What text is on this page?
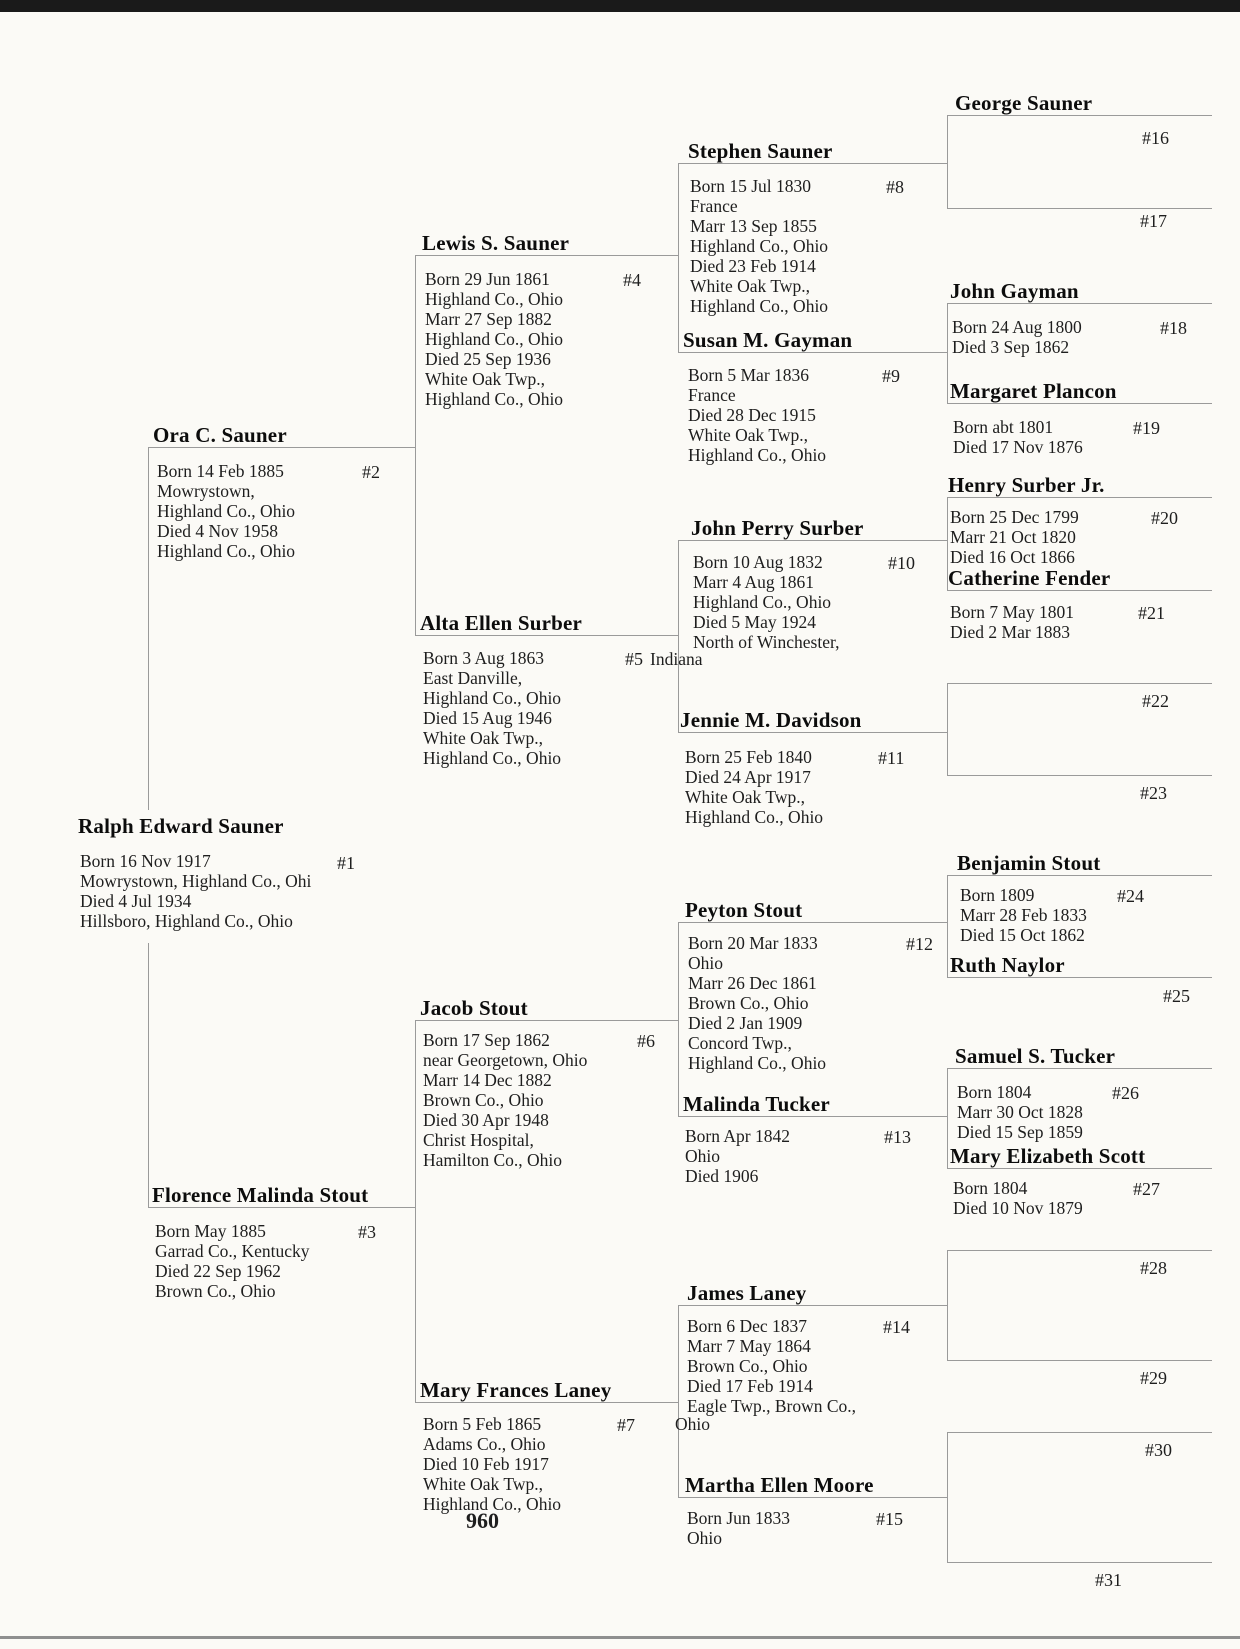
Ralph Edward Sauner
Born 16 Nov 1917
Mowrystown, Highland Co., Ohi
Died 4 Jul 1934
Hillsboro, Highland Co., Ohio
#1
Ora C. Sauner
Born 14 Feb 1885
Mowrystown,
Highland Co., Ohio
Died 4 Nov 1958
Highland Co., Ohio
#2
Florence Malinda Stout
Born May 1885
Garrad Co., Kentucky
Died 22 Sep 1962
Brown Co., Ohio
#3
Lewis S. Sauner
Born 29 Jun 1861
Highland Co., Ohio
Marr 27 Sep 1882
Highland Co., Ohio
Died 25 Sep 1936
White Oak Twp.,
Highland Co., Ohio
#4
Alta Ellen Surber
Born 3 Aug 1863
East Danville,
Highland Co., Ohio
Died 15 Aug 1946
White Oak Twp.,
Highland Co., Ohio
#5
Jacob Stout
Born 17 Sep 1862
near Georgetown, Ohio
Marr 14 Dec 1882
Brown Co., Ohio
Died 30 Apr 1948
Christ Hospital,
Hamilton Co., Ohio
#6
Mary Frances Laney
Born 5 Feb 1865
Adams Co., Ohio
Died 10 Feb 1917
White Oak Twp.,
Highland Co., Ohio
#7
Stephen Sauner
Born 15 Jul 1830
France
Marr 13 Sep 1855
Highland Co., Ohio
Died 23 Feb 1914
White Oak Twp.,
Highland Co., Ohio
#8
Susan M. Gayman
Born 5 Mar 1836
France
Died 28 Dec 1915
White Oak Twp.,
Highland Co., Ohio
#9
John Perry Surber
Born 10 Aug 1832
Marr 4 Aug 1861
Highland Co., Ohio
Died 5 May 1924
North of Winchester,
Indiana
#10
Jennie M. Davidson
Born 25 Feb 1840
Died 24 Apr 1917
White Oak Twp.,
Highland Co., Ohio
#11
Peyton Stout
Born 20 Mar 1833
Ohio
Marr 26 Dec 1861
Brown Co., Ohio
Died 2 Jan 1909
Concord Twp.,
Highland Co., Ohio
#12
Malinda Tucker
Born Apr 1842
Ohio
Died 1906
#13
James Laney
Born 6 Dec 1837
Marr 7 May 1864
Brown Co., Ohio
Died 17 Feb 1914
Eagle Twp., Brown Co.,
Ohio
#14
Martha Ellen Moore
Born Jun 1833
Ohio
#15
George Sauner
#16
#17
John Gayman
Born 24 Aug 1800
Died 3 Sep 1862
#18
Margaret Plancon
Born abt 1801
Died 17 Nov 1876
#19
Henry Surber Jr.
Born 25 Dec 1799
Marr 21 Oct 1820
Died 16 Oct 1866
#20
Catherine Fender
Born 7 May 1801
Died 2 Mar 1883
#21
#22
#23
Benjamin Stout
Born 1809
Marr 28 Feb 1833
Died 15 Oct 1862
#24
Ruth Naylor
#25
Samuel S. Tucker
Born 1804
Marr 30 Oct 1828
Died 15 Sep 1859
#26
Mary Elizabeth Scott
Born 1804
Died 10 Nov 1879
#27
#28
#29
#30
#31
960
